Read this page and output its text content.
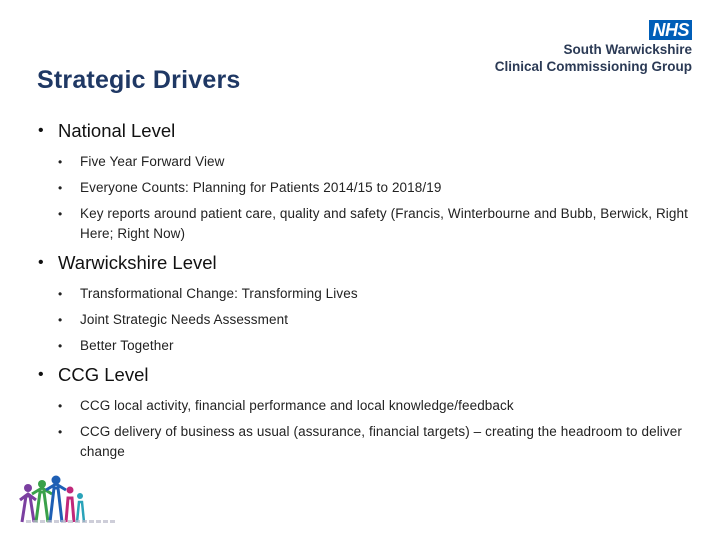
Strategic Drivers
NHS
South Warwickshire
Clinical Commissioning Group
• National Level
•	Five Year Forward View
•	Everyone Counts: Planning for Patients 2014/15 to 2018/19
•	Key reports around patient care, quality and safety (Francis, Winterbourne and Bubb, Berwick, Right Here; Right Now)
• Warwickshire Level
•	Transformational Change: Transforming Lives
•	Joint Strategic Needs Assessment
•	Better Together
• CCG Level
•	CCG local activity, financial performance and local knowledge/feedback
•	CCG delivery of business as usual (assurance, financial targets) – creating the headroom to deliver change
